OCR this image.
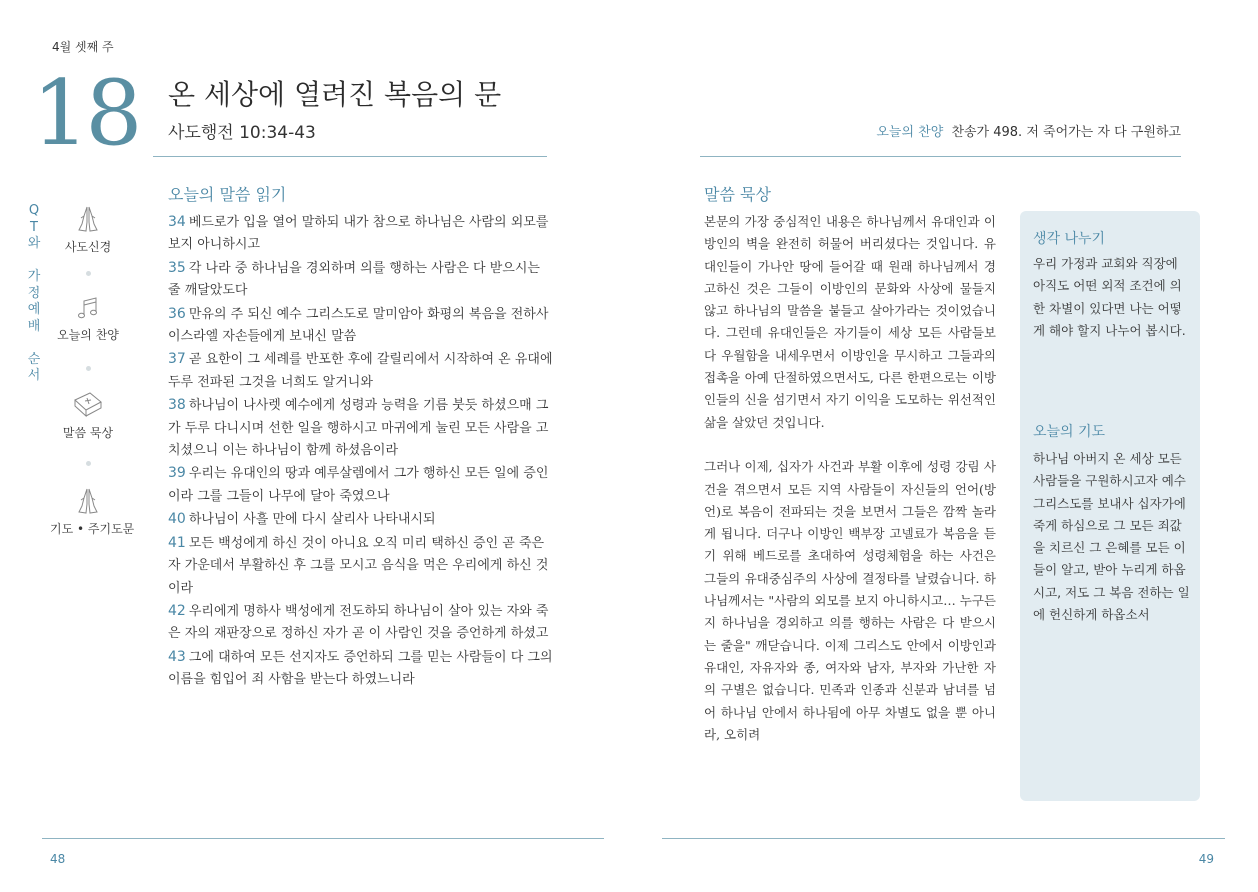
4월 셋째 주
18 온 세상에 열려진 복음의 문
사도행전 10:34-43	오늘의 찬양 찬송가 498. 저 죽어가는 자 다 구원하고
Q
T
와

가
정
예
배

순
서
사도신경
오늘의 찬양
말씀 묵상
기도 • 주기도문
오늘의 말씀 읽기
34 베드로가 입을 열어 말하되 내가 참으로 하나님은 사람의 외모를 보지 아니하시고
35 각 나라 중 하나님을 경외하며 의를 행하는 사람은 다 받으시는 줄 깨달았도다
36 만유의 주 되신 예수 그리스도로 말미암아 화평의 복음을 전하사 이스라엘 자손들에게 보내신 말씀
37 곧 요한이 그 세례를 반포한 후에 갈릴리에서 시작하여 온 유대에 두루 전파된 그것을 너희도 알거니와
38 하나님이 나사렛 예수에게 성령과 능력을 기름 붓듯 하셨으매 그가 두루 다니시며 선한 일을 행하시고 마귀에게 눌린 모든 사람을 고치셨으니 이는 하나님이 함께 하셨음이라
39 우리는 유대인의 땅과 예루살렘에서 그가 행하신 모든 일에 증인이라 그를 그들이 나무에 달아 죽였으나
40 하나님이 사흘 만에 다시 살리사 나타내시되
41 모든 백성에게 하신 것이 아니요 오직 미리 택하신 증인 곧 죽은 자 가운데서 부활하신 후 그를 모시고 음식을 먹은 우리에게 하신 것이라
42 우리에게 명하사 백성에게 전도하되 하나님이 살아 있는 자와 죽은 자의 재판장으로 정하신 자가 곧 이 사람인 것을 증언하게 하셨고
43 그에 대하여 모든 선지자도 증언하되 그를 믿는 사람들이 다 그의 이름을 힘입어 죄 사함을 받는다 하였느니라
말씀 묵상

본문의 가장 중심적인 내용은 하나님께서 유대인과 이방인의 벽을 완전히 허물어 버리셨다는 것입니다. 유대인들이 가나안 땅에 들어갈 때 원래 하나님께서 경고하신 것은 그들이 이방인의 문화와 사상에 물들지 않고 하나님의 말씀을 붙들고 살아가라는 것이었습니다. 그런데 유대인들은 자기들이 세상 모든 사람들보다 우월함을 내세우면서 이방인을 무시하고 그들과의 접촉을 아예 단절하였으면서도, 다른 한편으로는 이방인들의 신을 섬기면서 자기 이익을 도모하는 위선적인 삶을 살았던 것입니다.

그러나 이제, 십자가 사건과 부활 이후에 성령 강림 사건을 겪으면서 모든 지역 사람들이 자신들의 언어(방언)로 복음이 전파되는 것을 보면서 그들은 깜짝 놀라게 됩니다. 더구나 이방인 백부장 고넬료가 복음을 듣기 위해 베드로를 초대하여 성령체험을 하는 사건은 그들의 유대중심주의 사상에 결정타를 날렸습니다. 하나님께서는 "사람의 외모를 보지 아니하시고… 누구든지 하나님을 경외하고 의를 행하는 사람은 다 받으시는 줄을" 깨닫습니다. 이제 그리스도 안에서 이방인과 유대인, 자유자와 종, 여자와 남자, 부자와 가난한 자의 구별은 없습니다. 민족과 인종과 신분과 남녀를 넘어 하나님 안에서 하나됨에 아무 차별도 없을 뿐 아니라, 오히려

생각 나누기
우리 가정과 교회와 직장에 아직도 어떤 외적 조건에 의한 차별이 있다면 나는 어떻게 해야 할지 나누어 봅시다.
오늘의 기도
하나님 아버지 온 세상 모든 사람들을 구원하시고자 예수 그리스도를 보내사 십자가에 죽게 하심으로 그 모든 죄값을 치르신 그 은혜를 모든 이들이 알고, 받아 누리게 하옵시고, 저도 그 복음 전하는 일에 헌신하게 하옵소서
48	49
